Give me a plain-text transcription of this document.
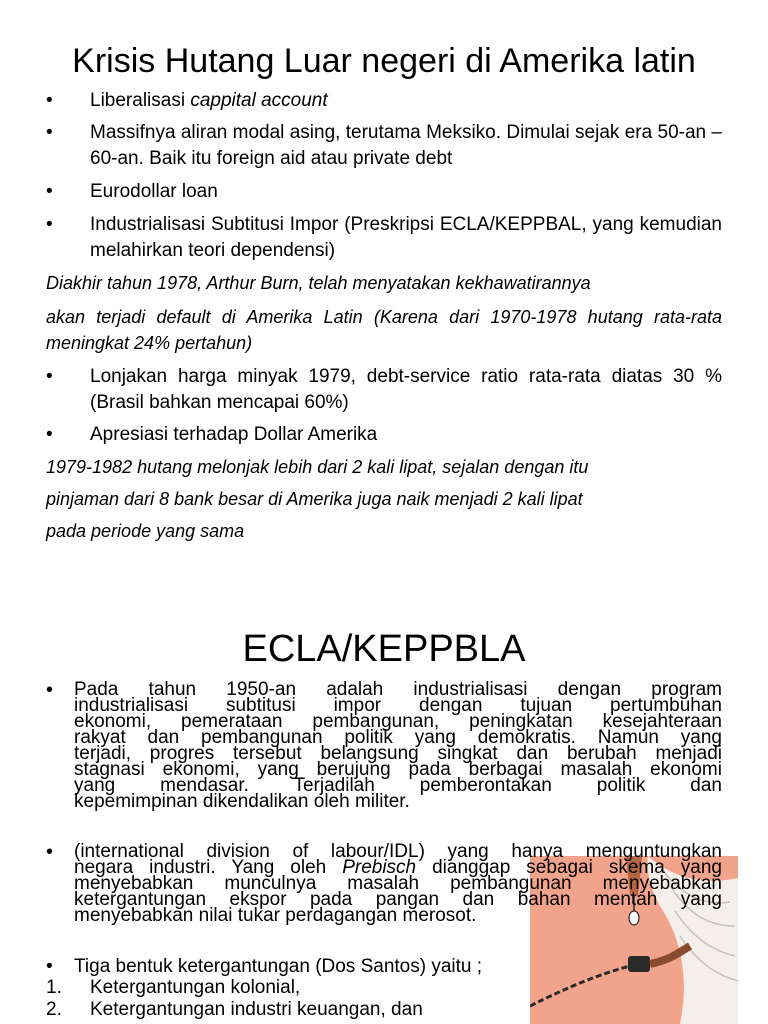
Krisis Hutang Luar negeri di Amerika latin
• Liberalisasi cappital account
• Massifnya aliran modal asing, terutama Meksiko. Dimulai sejak era 50-an – 60-an. Baik itu foreign aid atau private debt
• Eurodollar loan
• Industrialisasi Subtitusi Impor (Preskripsi ECLA/KEPPBAL, yang kemudian melahirkan teori dependensi)
Diakhir tahun 1978, Arthur Burn, telah menyatakan kekhawatirannya
akan terjadi default di Amerika Latin (Karena dari 1970-1978 hutang rata-rata meningkat 24% pertahun)
• Lonjakan harga minyak 1979, debt-service ratio rata-rata diatas 30 % (Brasil bahkan mencapai 60%)
• Apresiasi terhadap Dollar Amerika
1979-1982 hutang melonjak lebih dari 2 kali lipat, sejalan dengan itu
pinjaman dari 8 bank besar di Amerika juga naik menjadi 2 kali lipat
pada periode yang sama
ECLA/KEPPBLA
• Pada tahun 1950-an adalah industrialisasi dengan program
industrialisasi subtitusi impor dengan tujuan pertumbuhan
ekonomi, pemerataan pembangunan, peningkatan kesejahteraan
rakyat dan pembangunan politik yang demokratis. Namun yang
terjadi, progres tersebut belangsung singkat dan berubah menjadi
stagnasi ekonomi, yang berujung pada berbagai masalah ekonomi
yang mendasar. Terjadilah pemberontakan politik dan
kepemimpinan dikendalikan oleh militer.
• (international division of labour/IDL) yang hanya menguntungkan
negara industri. Yang oleh Prebisch dianggap sebagai skema yang
menyebabkan munculnya masalah pembangunan menyebabkan
ketergantungan ekspor pada pangan dan bahan mentah yang
menyebabkan nilai tukar perdagangan merosot.
• Tiga bentuk ketergantungan (Dos Santos) yaitu ;
1. Ketergantungan kolonial,
2. Ketergantungan industri keuangan, dan
